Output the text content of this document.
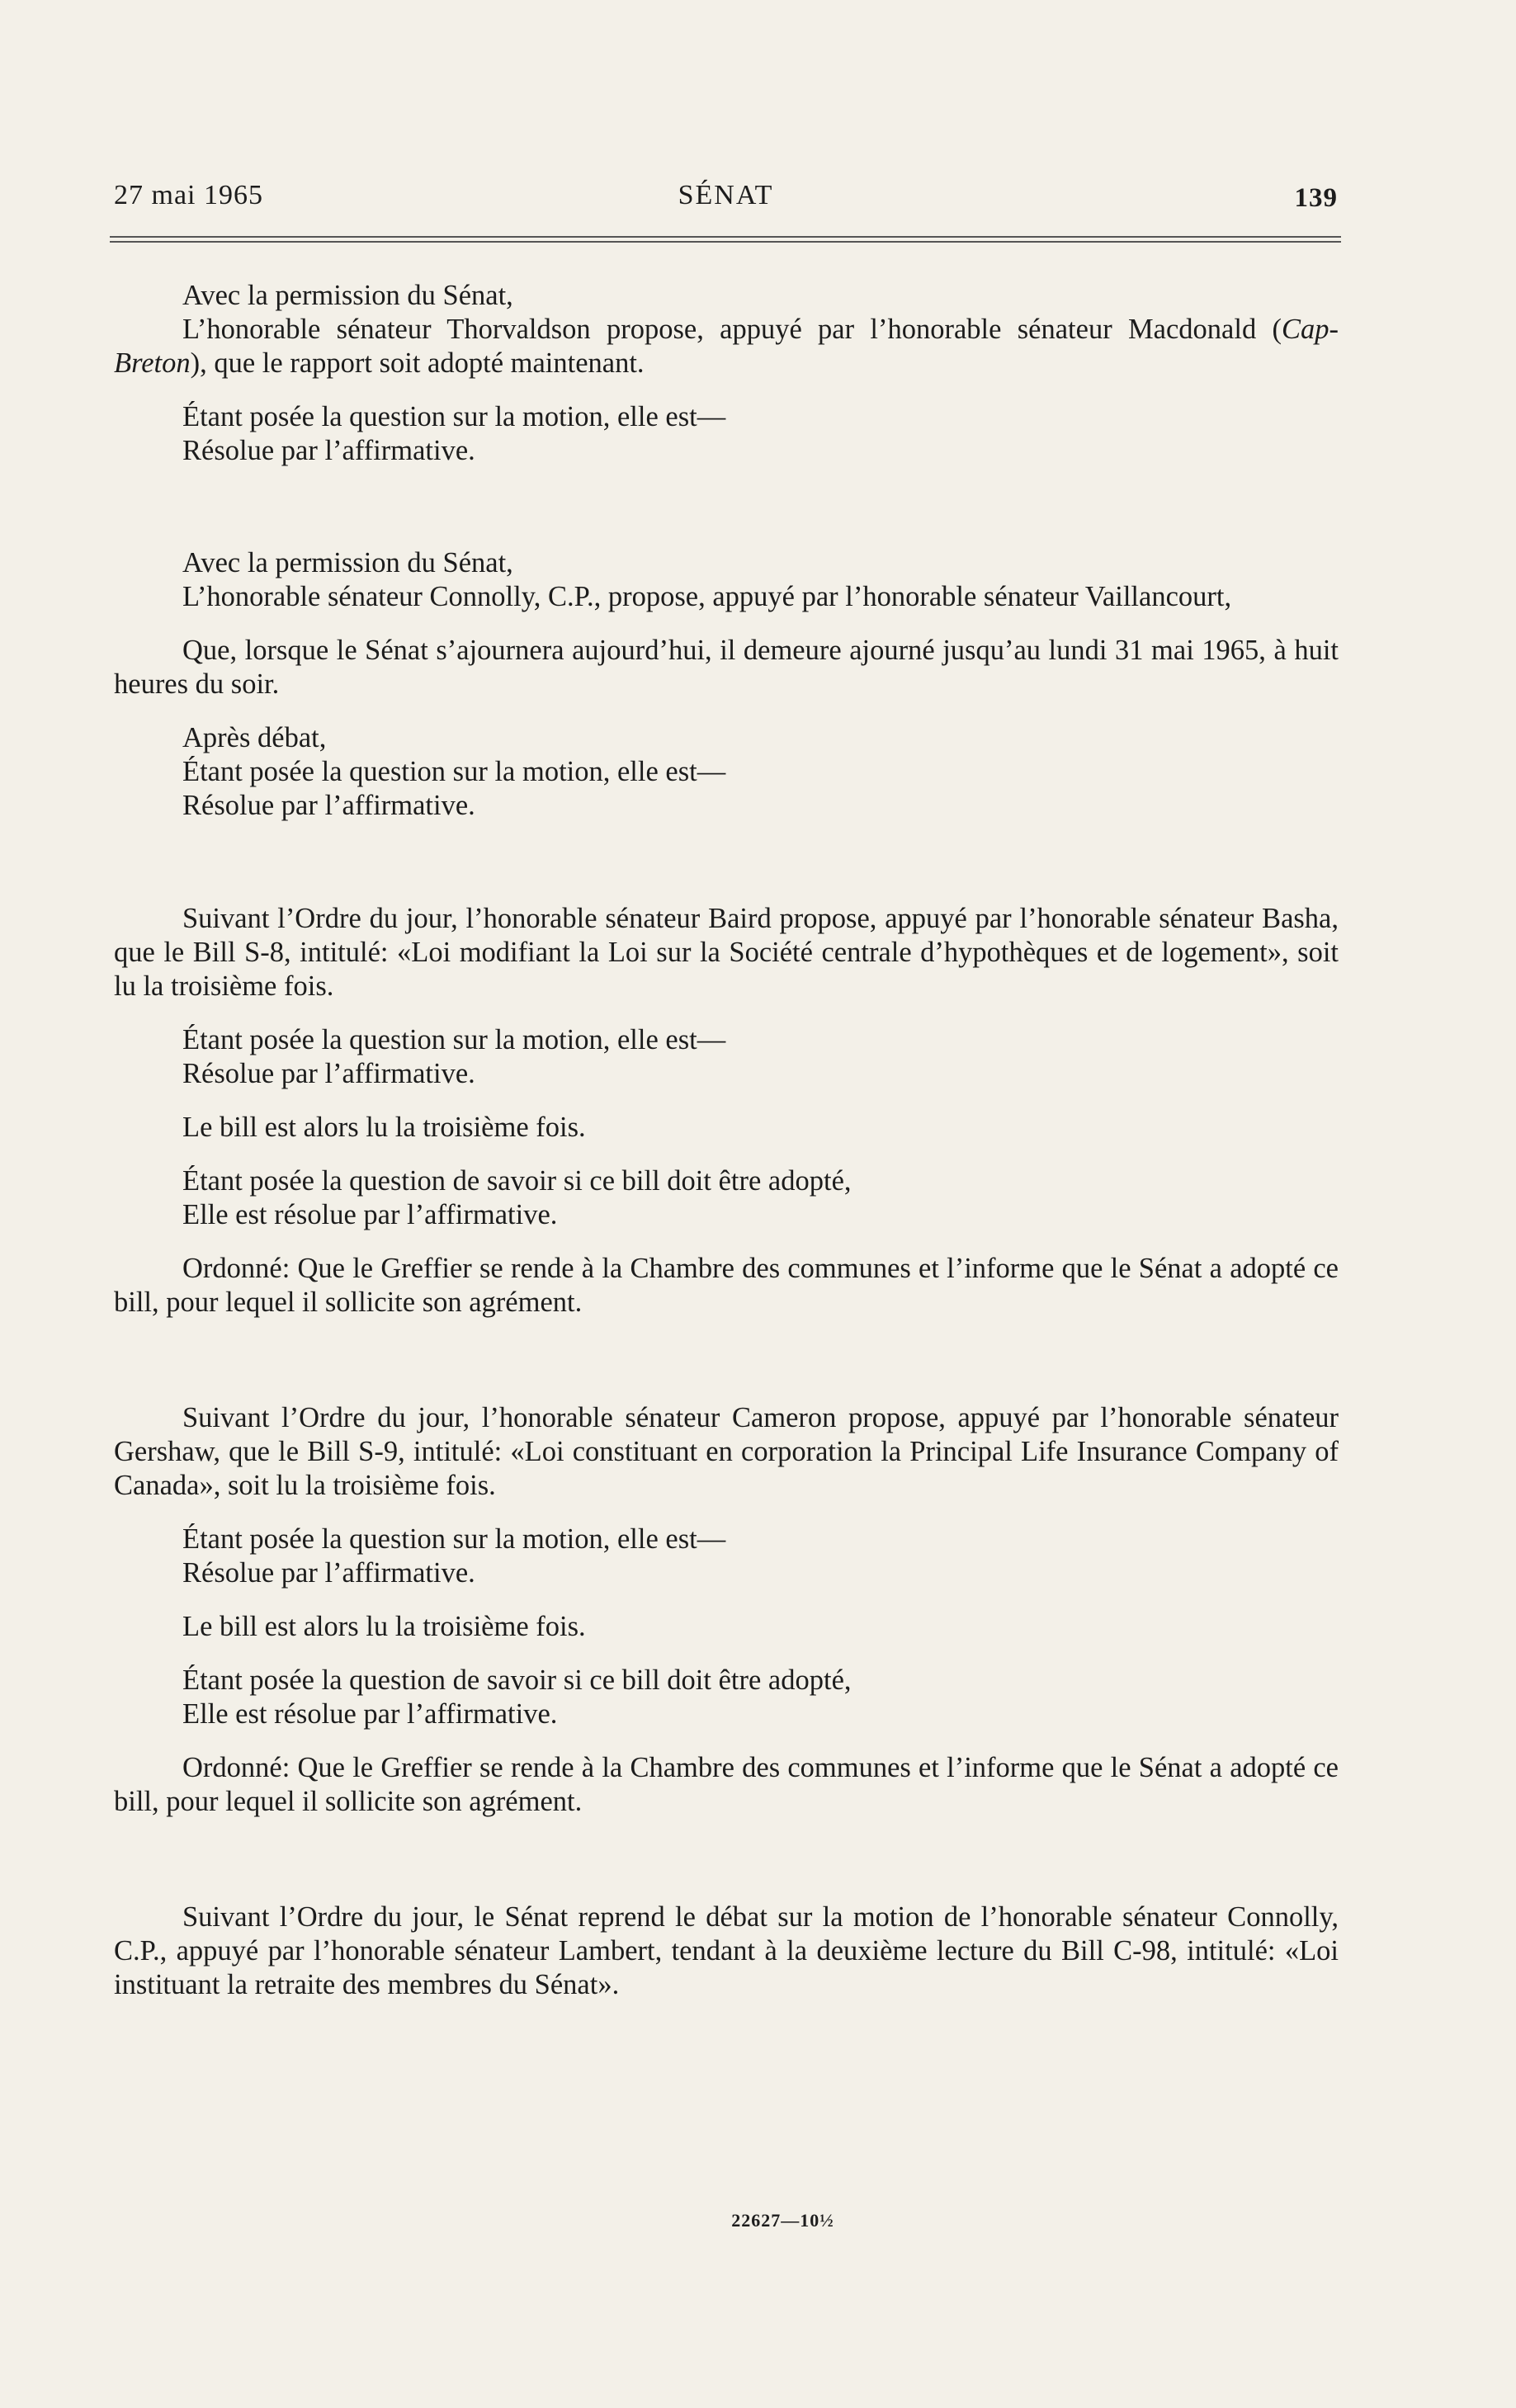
27 mai 1965	SÉNAT	139

Avec la permission du Sénat,

L’honorable sénateur Thorvaldson propose, appuyé par l’honorable sénateur Macdonald (Cap-Breton), que le rapport soit adopté maintenant.

Étant posée la question sur la motion, elle est—

Résolue par l’affirmative.

Avec la permission du Sénat,

L’honorable sénateur Connolly, C.P., propose, appuyé par l’honorable sénateur Vaillancourt,

Que, lorsque le Sénat s’ajournera aujourd’hui, il demeure ajourné jusqu’au lundi 31 mai 1965, à huit heures du soir.

Après débat,

Étant posée la question sur la motion, elle est—

Résolue par l’affirmative.

Suivant l’Ordre du jour, l’honorable sénateur Baird propose, appuyé par l’honorable sénateur Basha, que le Bill S-8, intitulé: «Loi modifiant la Loi sur la Société centrale d’hypothèques et de logement», soit lu la troisième fois.

Étant posée la question sur la motion, elle est—

Résolue par l’affirmative.

Le bill est alors lu la troisième fois.

Étant posée la question de savoir si ce bill doit être adopté,

Elle est résolue par l’affirmative.

Ordonné: Que le Greffier se rende à la Chambre des communes et l’informe que le Sénat a adopté ce bill, pour lequel il sollicite son agrément.

Suivant l’Ordre du jour, l’honorable sénateur Cameron propose, appuyé par l’honorable sénateur Gershaw, que le Bill S-9, intitulé: «Loi constituant en corporation la Principal Life Insurance Company of Canada», soit lu la troisième fois.

Étant posée la question sur la motion, elle est—

Résolue par l’affirmative.

Le bill est alors lu la troisième fois.

Étant posée la question de savoir si ce bill doit être adopté,

Elle est résolue par l’affirmative.

Ordonné: Que le Greffier se rende à la Chambre des communes et l’informe que le Sénat a adopté ce bill, pour lequel il sollicite son agrément.

Suivant l’Ordre du jour, le Sénat reprend le débat sur la motion de l’honorable sénateur Connolly, C.P., appuyé par l’honorable sénateur Lambert, tendant à la deuxième lecture du Bill C-98, intitulé: «Loi instituant la retraite des membres du Sénat».

22627—10½
